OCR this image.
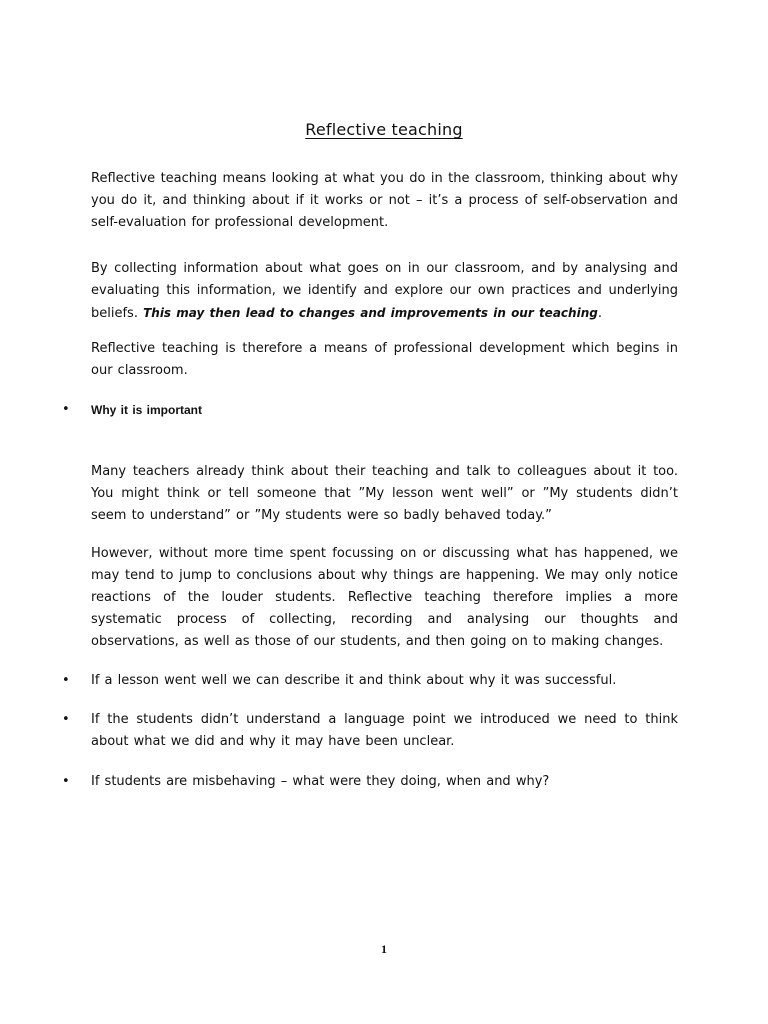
Reflective teaching

Reflective teaching means looking at what you do in the classroom, thinking about why you do it, and thinking about if it works or not – it’s a process of self-observation and self-evaluation for professional development.

By collecting information about what goes on in our classroom, and by analysing and evaluating this information, we identify and explore our own practices and underlying beliefs. This may then lead to changes and improvements in our teaching.

Reflective teaching is therefore a means of professional development which begins in our classroom.

•	Why it is important

Many teachers already think about their teaching and talk to colleagues about it too. You might think or tell someone that ”My lesson went well” or ”My students didn’t seem to understand” or ”My students were so badly behaved today.”

However, without more time spent focussing on or discussing what has happened, we may tend to jump to conclusions about why things are happening. We may only notice reactions of the louder students. Reflective teaching therefore implies a more systematic process of collecting, recording and analysing our thoughts and observations, as well as those of our students, and then going on to making changes.

•	If a lesson went well we can describe it and think about why it was successful.

•	If the students didn’t understand a language point we introduced we need to think about what we did and why it may have been unclear.

•	If students are misbehaving – what were they doing, when and why?

1
